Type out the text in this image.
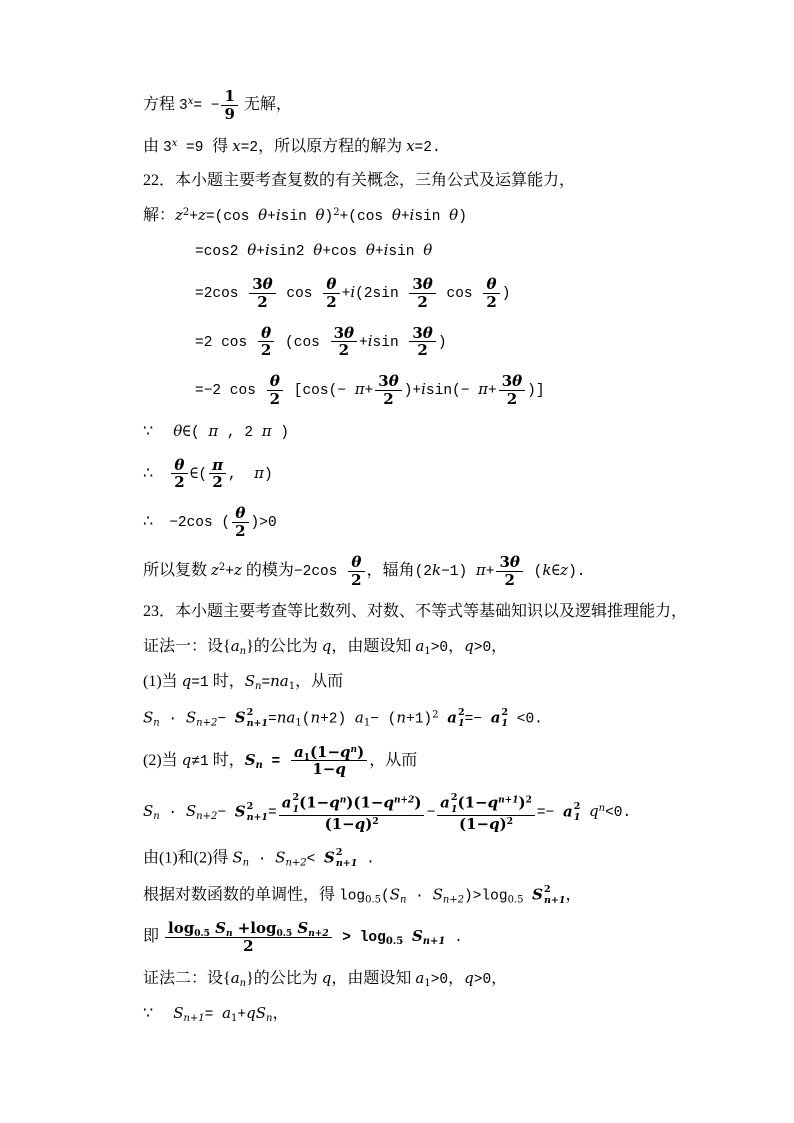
方程 $3^x= - \frac{1}{9}$ 无解，
由 $3^x =9$ 得 x=2，所以原方程的解为 x=2.
22．本小题主要考查复数的有关概念，三角公式及运算能力，
解：$z^2+z=(\cos$ θ+isin θ)$^2$+(cos θ+isin θ)
=cos2 θ+isin2 θ+cos θ+isin θ
$=2\cos \frac{3\theta}{2}$ $\cos \frac{\theta}{2} +i(2\sin \frac{3\theta}{2}$ $\cos \frac{\theta}{2}$ )
=2 $\cos \frac{\theta}{2} (\cos \frac{3\theta}{2} +isin \frac{3\theta}{2}$ )
=−2 $\cos \frac{\theta}{2} [\cos(- \pi+ \frac{3\theta}{2} )+isin(- \pi+ \frac{3\theta}{2}$ )]
∵　 θ∈( π , 2 π )
∴　 $\frac{\theta}{2}$ ∈( $\frac{\pi}{2}$ ,  π)
∴　−2cos ( $\frac{\theta}{2} )>0$
所以复数 $z^2+z$ 的模为$-2\cos \frac{\theta}{2}$ ，辐角(2k−1) $\pi+ \frac{3\theta}{2}$ (k∈z).
23．本小题主要考查等比数列、对数、不等式等基础知识以及逻辑推理能力，
证法一：设$\{a_n\}$的公比为 q，由题设知 $a_1>0$，q>0，
(1)当 q=1 时，$S_n=na_1$，从而
$S_n \cdot S_{n+2}- S$ 2
$n+1 =na_1(n+2)$ $a_1- (n+1)^2$ a 2
1 =− a 2
1 <0.
(2)当 q≠1 时，$S_n = \frac{a_1(1-q^n)}{1-q}$ ，从而
$S_n \cdot S_{n+2}- S$ 2
n+1 = a 2
1 $(1-q^n)(1-q^{n+2})$
$(1-q)^2 - a$ 2
1 $(1-q^{n+1})^2$
$(1-q)^2 =- a$ 2
1 $q^n<0$.
由(1)和(2)得 $S_n \cdot S_{n+2}< S$ 2
n+1 .
根据对数函数的单调性，得 $\log_{0.5}(S_n \cdot S_{n+2})>\log_{0.5}$ S 2
n+1 ，
即 $\frac{\log_{0.5} S_n +\log_{0.5} S_{n+2}}{2} > \log_{0.5} S_{n+1}$ .
证法二：设$\{a_n\}$的公比为 q，由题设知 $a_1>0$，q>0，
∵　 $S_{n+1}= a_1+qS_n$，
